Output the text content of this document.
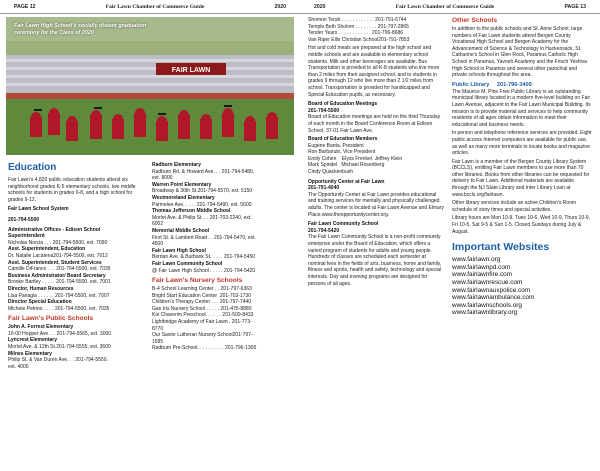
PAGE 12	Fair Lawn Chamber of Commerce Guide	2020
FAIR LAWN
Fair Lawn High School's socially distant graduation ceremony for the Class of 2020
Education

Fair Lawn's 4,820 public education students attend six neighborhood grades K-5 elementary schools, two middle schools for students in grades 6-8, and a high school for grades 9-12.

Fair Lawn School System
201-794-5500
Administrative Offices - Edison School
Superintendent
Nicholas Norcia . . . 201-794-5500, ext. 7090
Asst. Superintendent, Education
Dr. Natalie Lacatena201-794-5500, ext. 7012
Asst. Superintendent, Student Services
Camille DiFranco . . . 201-794-5500, ext. 7035
Business Administrator/ Board Secretary
Brooke Bartley . . . . . 201-794-5500, ext. 7001
Director, Human Resources
Lisa Panagia . . . . . . 201-794-5500, ext. 7007
Director Special Education
Michele Petrino . . . . 201-794-5500, ext. 7035
Fair Lawn's Public Schools
John A. Forrest Elementary
10-00 Hopper Ave. . . 201-794-5565, ext. 3000
Lyncrest Elementary
Morlot Ave. & 12th St.201-794-5555, ext. 3600
Milnes Elementary
Philip St. & Van Duren Ave. . . 201-794-5550,
ext. 4000
Radburn Elementary
Radburn Rd. & Howard Ave. . . 201-794-5480,
ext. 8000
Warren Point Elementary
Broadway & 30th St.201-794-5570, ext. 5150
Westmoreland Elementary
Parmelee Ave. . . . . 201-794-5490, ext. 5600
Thomas Jefferson Middle School
Morlot Ave. & Philip St. . . 201-703-2240, ext.
6002
Memorial Middle School
First St. & Lambert Road . . 201-794-5470, ext.
4500
Fair Lawn High School
Berdan Ave. & Burbank St. . . . . 201-794-5450
Fair Lawn Community School
@ Fair Lawn High School . . . . . 201-794-5420
Fair Lawn's Nursery Schools
B-4 School Learning Center . . 201-797-6363
Bright Start Education Center .201-703-1730
Children's Therapy Center . . . 201-797-7440
Gan Iris Nursery School . . . . . 201-475-8880
Koi Chaverim Preschool. . . . . . 201-509-8433
Lightbridge Academy of Fair Lawn . 201-773-
8770
Our Savior Lutheran Nursery School201-797-
1585
Radburn Pre-School. . . . . . . . . . 201-796-1300
2020	Fair Lawn Chamber of Commerce Guide	PAGE 13
Shomrei Torah . . . . . . . . . . . . 201-791-6744
Temple Beth Sholom . . . . . . . . 201-797-2865
Tender Years . . . . . . . . . . . . 201-796-8686
Van Riper Ellis Christian School201-791-7853

Hot and cold meals are prepared at the high school and middle schools and are available to elementary school students. Milk and other beverages are available. Bus Transportation is provided to all K-8 students who live more than 2 miles from their assigned school, and to students in grades 9 through 12 who live more than 2 1/2 miles from school. Transportation is provided for handicapped and Special Education pupils, as necessary.

Board of Education Meetings
201-794-5500

Board of Education meetings are held on the third Thursday of each month in the Board Conference Room at Edison School, 37-01 Fair Lawn Ave.

Board of Education Members
Eugene Banta, President
Ron Barbarulo, Vice President
Emily Cohen    Elyss Frenkel  Jeffrey Klein
Mark Spindel   Michael Rosenberg
Cindy Quackenbush
Opportunity Center at Fair Lawn
201-791-4040

The Opportunity Center at Fair Lawn provides educational and training services for mentally and physically challenged adults. The center is located at Fair Lawn Avenue and Elmary Place.www.theopportunitycenter.org.

Fair Lawn Community School
201-794-5420

The Fair Lawn Community School is a non-profit community enterprise under the Board of Education, which offers a varied program of students for adults and young people. Hundreds of classes are scheduled each semester at nominal fees in the fields of arts, business, home and family, fitness and sports, health and safety, technology and special interests. Day and evening programs are designed for persons of all ages.

Other Schools

In addition to the public schools and St. Anne School, large numbers of Fair Lawn students attend Bergen County Vocational High School and Bergen Academy for the Advancement of Science & Technology in Hackensack, St. Catharine's School in Glen Rock, Paramus Catholic High School in Paramus, Yavneh Academy and the Frisch Yeshiva High School in Paramus and several other parochial and private schools throughout the area.

Public Library 201-796-3400

The Maurice M. Pine Free Public Library is an outstanding municipal library located in a modern five-level building on Fair Lawn Avenue, adjacent to the Fair Lawn Municipal Building. Its mission is to provide material and services to help community residents of all ages obtain information to meet their educational and business needs.

In person and telephone reference services are provided. Eight public access Internet computers are available for public use, as well as many more terminals to locate books and magazine articles.

Fair Lawn is a member of the Bergen County Library System (BCCLS), entitling Fair Lawn members to use more than 70 other libraries. Books from other libraries can be requested for delivery to Fair Lawn. Additional materials are available through the NJ State Library and Inter Library Loan at www.bccls.org/fairlawn.

Other library services include an active Children's Room schedule of story times and special activities.

Library hours are Mon 10-9, Tues 10-6, Wed 10-9, Thurs 10-9, Fri 10-5, Sat 9-5 & Sun 1-5. Closed Sundays during July & August.

Important Websites
www.fairlawn.org
www.fairlawnpd.com
www.fairlawnfire.com
www.fairlawnrescue.com
www.fairlawnauxpolice.com
www.fairlawnambulance.com
www.fairlawnschools.org
www.fairlawnlibrary.org
